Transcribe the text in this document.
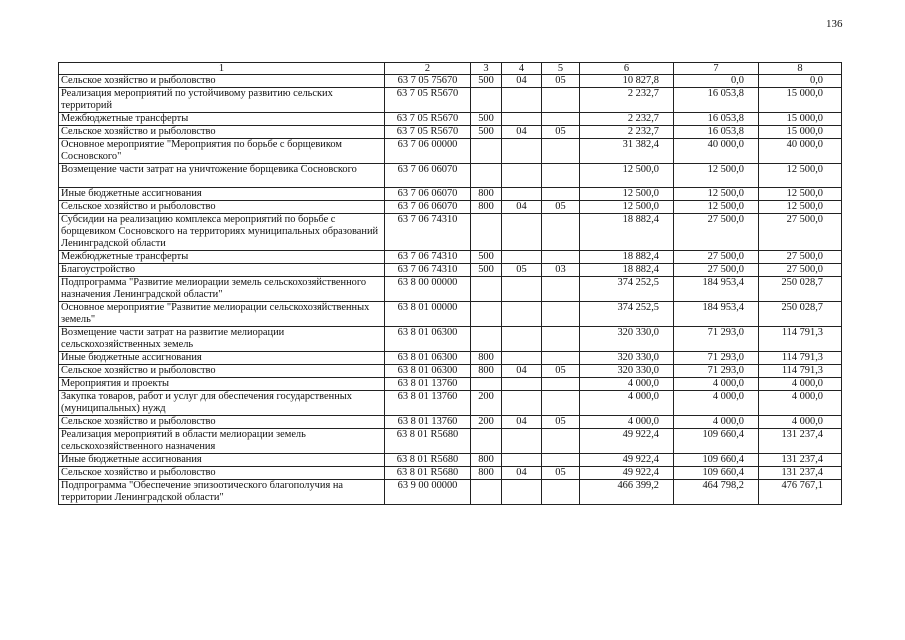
136
1	2	3	4	5	6	7	8
Сельское хозяйство и рыболовство	63 7 05 75670	500	04	05	10 827,8	0,0	0,0
Реализация мероприятий по устойчивому развитию сельских территорий	63 7 05 R5670				2 232,7	16 053,8	15 000,0
Межбюджетные трансферты	63 7 05 R5670	500			2 232,7	16 053,8	15 000,0
Сельское хозяйство и рыболовство	63 7 05 R5670	500	04	05	2 232,7	16 053,8	15 000,0
Основное мероприятие "Мероприятия по борьбе с борщевиком Сосновского"	63 7 06 00000				31 382,4	40 000,0	40 000,0
Возмещение части затрат на уничтожение борщевика Сосновского	63 7 06 06070				12 500,0	12 500,0	12 500,0
Иные бюджетные ассигнования	63 7 06 06070	800			12 500,0	12 500,0	12 500,0
Сельское хозяйство и рыболовство	63 7 06 06070	800	04	05	12 500,0	12 500,0	12 500,0
Субсидии на реализацию комплекса мероприятий по борьбе с борщевиком Сосновского на территориях муниципальных образований Ленинградской области	63 7 06 74310				18 882,4	27 500,0	27 500,0
Межбюджетные трансферты	63 7 06 74310	500			18 882,4	27 500,0	27 500,0
Благоустройство	63 7 06 74310	500	05	03	18 882,4	27 500,0	27 500,0
Подпрограмма "Развитие мелиорации земель сельскохозяйственного назначения Ленинградской области"	63 8 00 00000				374 252,5	184 953,4	250 028,7
Основное мероприятие "Развитие мелиорации сельскохозяйственных земель"	63 8 01 00000				374 252,5	184 953,4	250 028,7
Возмещение части затрат на развитие мелиорации сельскохозяйственных земель	63 8 01 06300				320 330,0	71 293,0	114 791,3
Иные бюджетные ассигнования	63 8 01 06300	800			320 330,0	71 293,0	114 791,3
Сельское хозяйство и рыболовство	63 8 01 06300	800	04	05	320 330,0	71 293,0	114 791,3
Мероприятия и проекты	63 8 01 13760				4 000,0	4 000,0	4 000,0
Закупка товаров, работ и услуг для обеспечения государственных (муниципальных) нужд	63 8 01 13760	200			4 000,0	4 000,0	4 000,0
Сельское хозяйство и рыболовство	63 8 01 13760	200	04	05	4 000,0	4 000,0	4 000,0
Реализация мероприятий в области мелиорации земель сельскохозяйственного назначения	63 8 01 R5680				49 922,4	109 660,4	131 237,4
Иные бюджетные ассигнования	63 8 01 R5680	800			49 922,4	109 660,4	131 237,4
Сельское хозяйство и рыболовство	63 8 01 R5680	800	04	05	49 922,4	109 660,4	131 237,4
Подпрограмма "Обеспечение эпизоотического благополучия на территории Ленинградской области"	63 9 00 00000				466 399,2	464 798,2	476 767,1
